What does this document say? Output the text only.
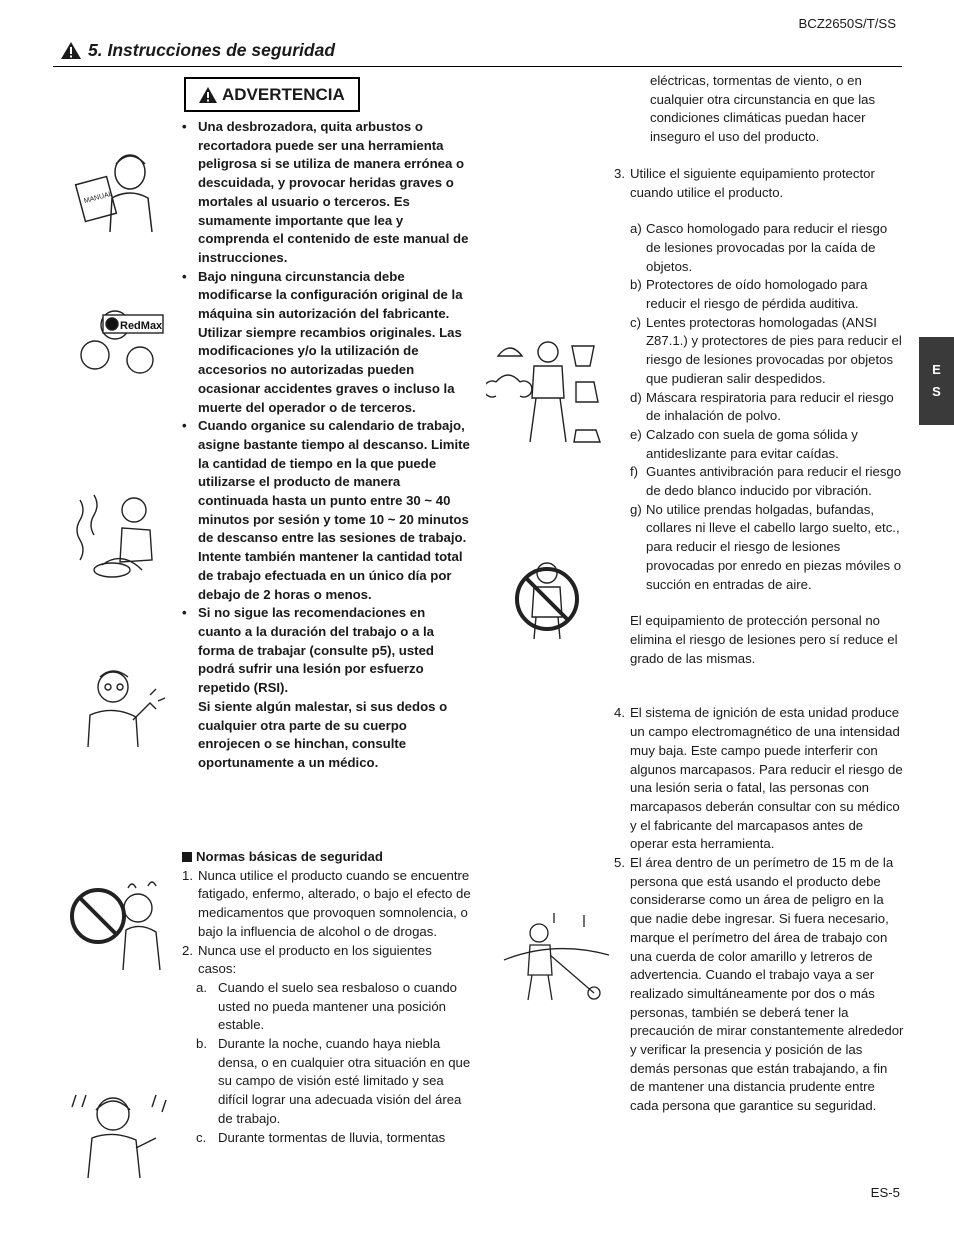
BCZ2650S/T/SS
5. Instrucciones de seguridad
ADVERTENCIA
• Una desbrozadora, quita arbustos o recortadora puede ser una herramienta peligrosa si se utiliza de manera errónea o descuidada, y provocar heridas graves o mortales al usuario o terceros. Es sumamente importante que lea y comprenda el contenido de este manual de instrucciones.
• Bajo ninguna circunstancia debe modificarse la configuración original de la máquina sin autorización del fabricante. Utilizar siempre recambios originales. Las modificaciones y/o la utilización de accesorios no autorizadas pueden ocasionar accidentes graves o incluso la muerte del operador o de terceros.
• Cuando organice su calendario de trabajo, asigne bastante tiempo al descanso. Limite la cantidad de tiempo en la que puede utilizarse el producto de manera continuada hasta un punto entre 30 ~ 40 minutos por sesión y tome 10 ~ 20 minutos de descanso entre las sesiones de trabajo. Intente también mantener la cantidad total de trabajo efectuada en un único día por debajo de 2 horas o menos.
• Si no sigue las recomendaciones en cuanto a la duración del trabajo o a la forma de trabajar (consulte p5), usted podrá sufrir una lesión por esfuerzo repetido (RSI).
Si siente algún malestar, si sus dedos o cualquier otra parte de su cuerpo enrojecen o se hinchan, consulte oportunamente a un médico.
Normas básicas de seguridad
1. Nunca utilice el producto cuando se encuentre fatigado, enfermo, alterado, o bajo el efecto de medicamentos que provoquen somnolencia, o bajo la influencia de alcohol o de drogas.
2. Nunca use el producto en los siguientes casos:
a. Cuando el suelo sea resbaloso o cuando usted no pueda mantener una posición estable.
b. Durante la noche, cuando haya niebla densa, o en cualquier otra situación en que su campo de visión esté limitado y sea difícil lograr una adecuada visión del área de trabajo.
c. Durante tormentas de lluvia, tormentas
eléctricas, tormentas de viento, o en cualquier otra circunstancia en que las condiciones climáticas puedan hacer inseguro el uso del producto.
3. Utilice el siguiente equipamiento protector cuando utilice el producto.
a) Casco homologado para reducir el riesgo de lesiones provocadas por la caída de objetos.
b) Protectores de oído homologado para reducir el riesgo de pérdida auditiva.
c) Lentes protectoras homologadas (ANSI Z87.1.) y protectores de pies para reducir el riesgo de lesiones provocadas por objetos que pudieran salir despedidos.
d) Máscara respiratoria para reducir el riesgo de inhalación de polvo.
e) Calzado con suela de goma sólida y antideslizante para evitar caídas.
f) Guantes antivibración para reducir el riesgo de dedo blanco inducido por vibración.
g) No utilice prendas holgadas, bufandas, collares ni lleve el cabello largo suelto, etc., para reducir el riesgo de lesiones provocadas por enredo en piezas móviles o succión en entradas de aire.
El equipamiento de protección personal no elimina el riesgo de lesiones pero sí reduce el grado de las mismas.
4. El sistema de ignición de esta unidad produce un campo electromagnético de una intensidad muy baja. Este campo puede interferir con algunos marcapasos. Para reducir el riesgo de una lesión seria o fatal, las personas con marcapasos deberán consultar con su médico y el fabricante del marcapasos antes de operar esta herramienta.
5. El área dentro de un perímetro de 15 m de la persona que está usando el producto debe considerarse como un área de peligro en la que nadie debe ingresar. Si fuera necesario, marque el perímetro del área de trabajo con una cuerda de color amarillo y letreros de advertencia. Cuando el trabajo vaya a ser realizado simultáneamente por dos o más personas, también se deberá tener la precaución de mirar constantemente alrededor y verificar la presencia y posición de las demás personas que están trabajando, a fin de mantener una distancia prudente entre cada persona que garantice su seguridad.
E
S
ES-5
MANUAL
RedMax
